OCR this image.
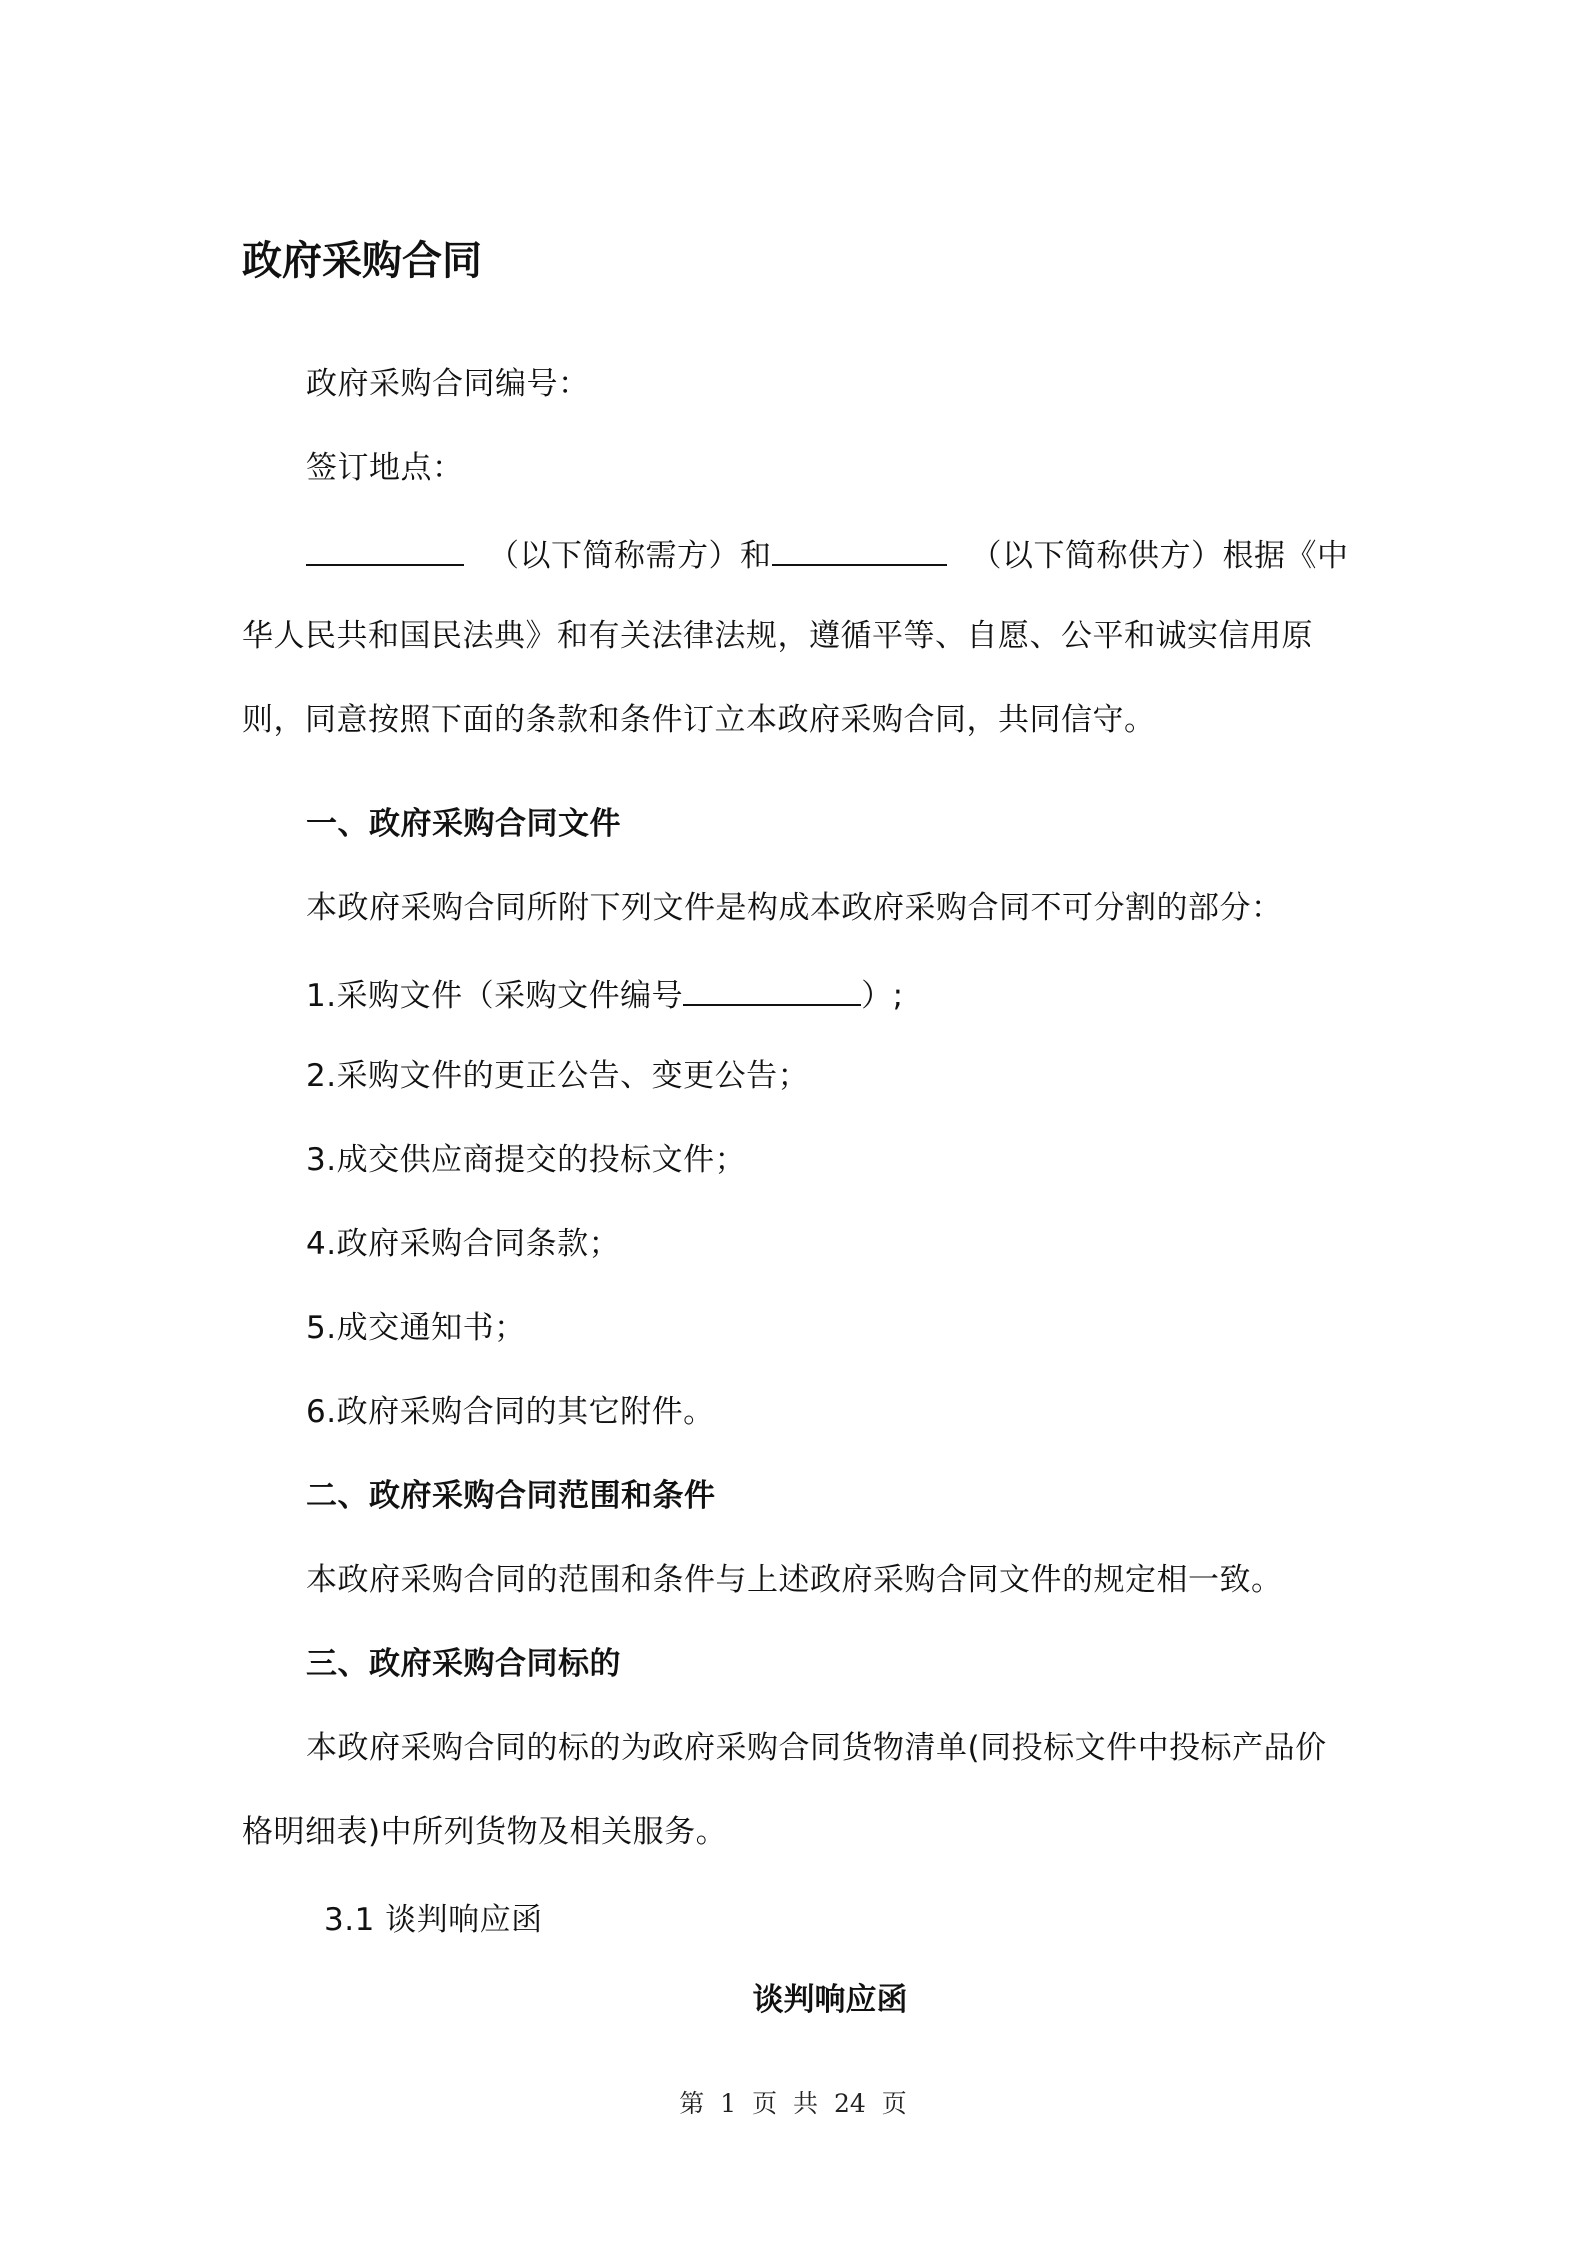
政府采购合同
政府采购合同编号：
签订地点：
（以下简称需方）和	（以下简称供方）根据《中
华人民共和国民法典》和有关法律法规，遵循平等、自愿、公平和诚实信用原
则，同意按照下面的条款和条件订立本政府采购合同，共同信守。
一、政府采购合同文件
本政府采购合同所附下列文件是构成本政府采购合同不可分割的部分：
1.采购文件（采购文件编号	）;
2.采购文件的更正公告、变更公告；
3.成交供应商提交的投标文件；
4.政府采购合同条款；
5.成交通知书；
6.政府采购合同的其它附件。
二、政府采购合同范围和条件
本政府采购合同的范围和条件与上述政府采购合同文件的规定相一致。
三、政府采购合同标的
本政府采购合同的标的为政府采购合同货物清单(同投标文件中投标产品价
格明细表)中所列货物及相关服务。
3.1 谈判响应函
谈判响应函
第 1 页 共 24 页
